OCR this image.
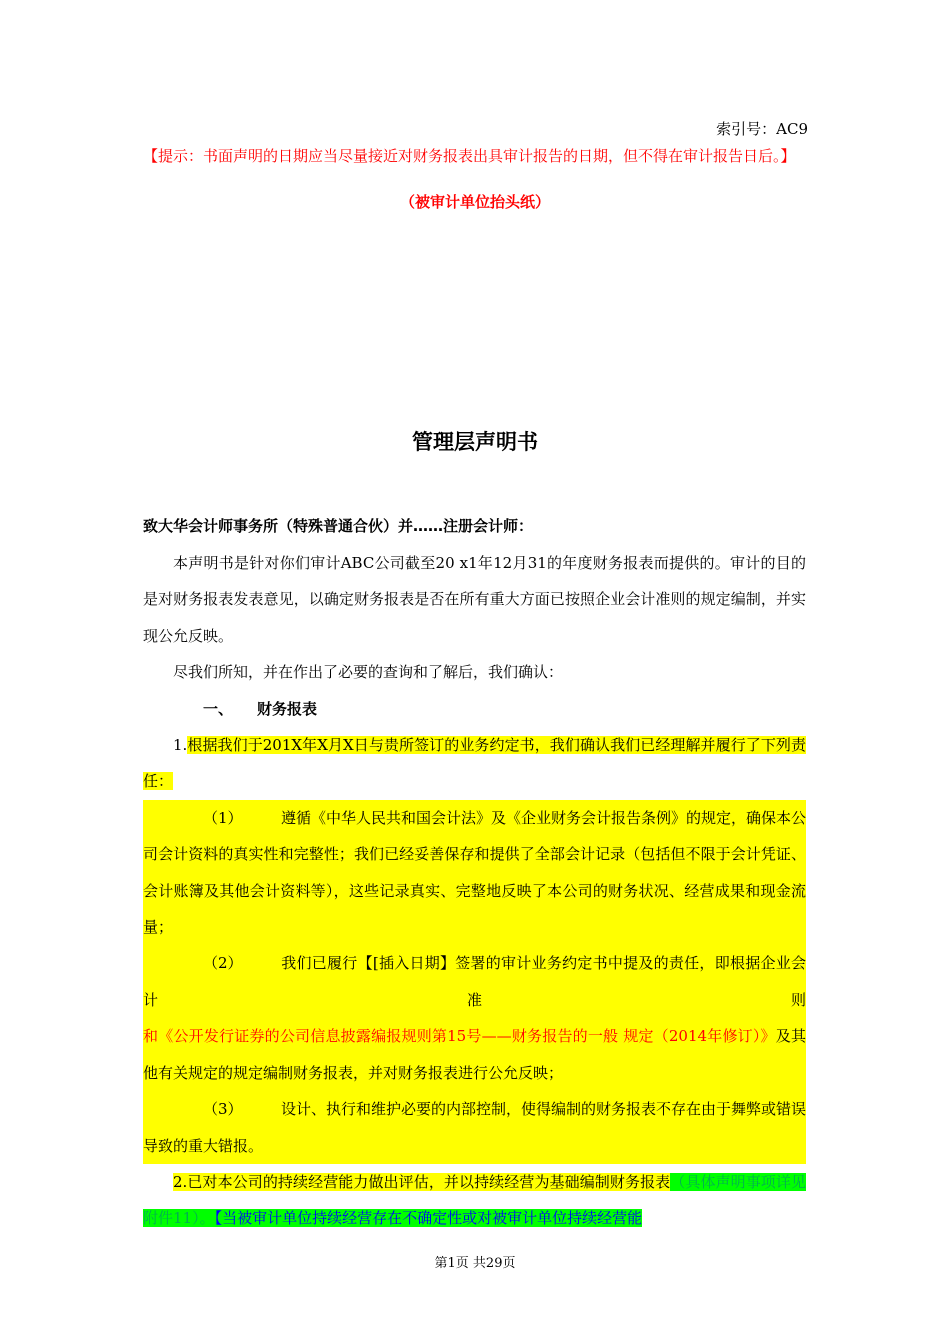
索引号：AC9
【提示：书面声明的日期应当尽量接近对财务报表出具审计报告的日期，但不得在审计报告日后。】
（被审计单位抬头纸）
管理层声明书
致大华会计师事务所（特殊普通合伙）并……注册会计师：

本声明书是针对你们审计ABC公司截至20 x1年12月31的年度财务报表而提供的。审计的目的是对财务报表发表意见，以确定财务报表是否在所有重大方面已按照企业会计准则的规定编制，并实现公允反映。

尽我们所知，并在作出了必要的查询和了解后，我们确认：

一、 财务报表

1.根据我们于201X年X月X日与贵所签订的业务约定书，我们确认我们已经理解并履行了下列责任：

（1）	遵循《中华人民共和国会计法》及《企业财务会计报告条例》的规定，确保本公司会计资料的真实性和完整性；我们已经妥善保存和提供了全部会计记录（包括但不限于会计凭证、会计账簿及其他会计资料等），这些记录真实、完整地反映了本公司的财务状况、经营成果和现金流量；

（2）	我们已履行【[插入日期】签署的审计业务约定书中提及的责任，即根据企业会计准则和《公开发行证券的公司信息披露编报规则第15号——财务报告的一般 规定（2014年修订）》及其他有关规定的规定编制财务报表，并对财务报表进行公允反映；

（3）	设计、执行和维护必要的内部控制，使得编制的财务报表不存在由于舞弊或错误导致的重大错报。

2.已对本公司的持续经营能力做出评估，并以持续经营为基础编制财务报表（具体声明事项详见附件11）。【当被审计单位持续经营存在不确定性或对被审计单位持续经营能

第1页 共29页
